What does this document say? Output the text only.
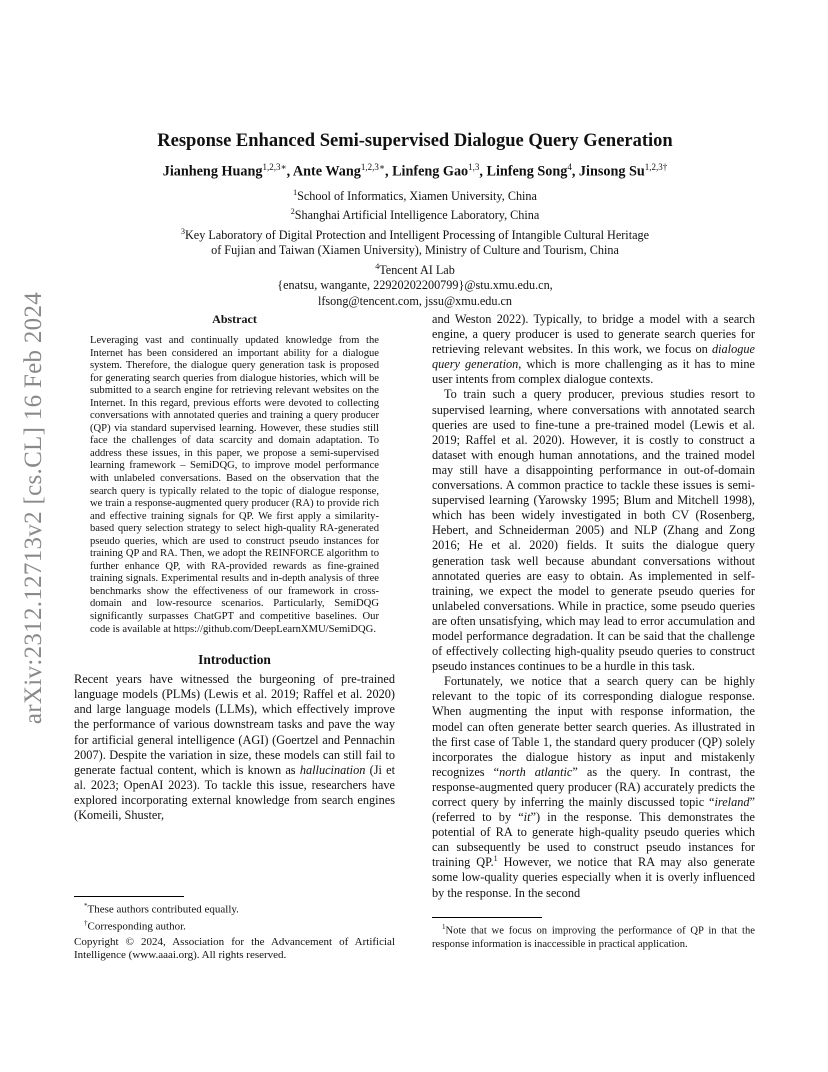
arXiv:2312.12713v2 [cs.CL] 16 Feb 2024
Response Enhanced Semi-supervised Dialogue Query Generation
Jianheng Huang$^{1,2,3∗}$, Ante Wang$^{1,2,3∗}$, Linfeng Gao$^{1,3}$, Linfeng Song$^4$, Jinsong $Su^{1,2,3\dagger}$
$^1$School of Informatics, Xiamen University, China
$^2$Shanghai Artificial Intelligence Laboratory, China
$^3$Key Laboratory of Digital Protection and Intelligent Processing of Intangible Cultural Heritage
of Fujian and Taiwan (Xiamen University), Ministry of Culture and Tourism, China
$^4$Tencent AI Lab
{enatsu, wangante, 22920202200799}@stu.xmu.edu.cn,
lfsong@tencent.com, jssu@xmu.edu.cn
Abstract

Leveraging vast and continually updated knowledge from the Internet has been considered an important ability for a dialogue system. Therefore, the dialogue query generation task is proposed for generating search queries from dialogue histories, which will be submitted to a search engine for retrieving relevant websites on the Internet. In this regard, previous efforts were devoted to collecting conversations with annotated queries and training a query producer (QP) via standard supervised learning. However, these studies still face the challenges of data scarcity and domain adaptation. To address these issues, in this paper, we propose a semi-supervised learning framework – SemiDQG, to improve model performance with unlabeled conversations. Based on the observation that the search query is typically related to the topic of dialogue response, we train a response-augmented query producer (RA) to provide rich and effective training signals for QP. We first apply a similarity-based query selection strategy to select high-quality RA-generated pseudo queries, which are used to construct pseudo instances for training QP and RA. Then, we adopt the REINFORCE algorithm to further enhance QP, with RA-provided rewards as fine-grained training signals. Experimental results and in-depth analysis of three benchmarks show the effectiveness of our framework in cross-domain and low-resource scenarios. Particularly, SemiDQG significantly surpasses ChatGPT and competitive baselines. Our code is available at https://github.com/DeepLearnXMU/SemiDQG.

Introduction

Recent years have witnessed the burgeoning of pre-trained language models (PLMs) (Lewis et al. 2019; Raffel et al. 2020) and large language models (LLMs), which effectively improve the performance of various downstream tasks and pave the way for artificial general intelligence (AGI) (Goertzel and Pennachin 2007). Despite the variation in size, these models can still fail to generate factual content, which is known as hallucination (Ji et al. 2023; OpenAI 2023). To tackle this issue, researchers have explored incorporating external knowledge from search engines (Komeili, Shuster,

*These authors contributed equally.

†Corresponding author.

Copyright © 2024, Association for the Advancement of Artificial Intelligence (www.aaai.org). All rights reserved.

and Weston 2022). Typically, to bridge a model with a search engine, a query producer is used to generate search queries for retrieving relevant websites. In this work, we focus on dialogue query generation, which is more challenging as it has to mine user intents from complex dialogue contexts.

To train such a query producer, previous studies resort to supervised learning, where conversations with annotated search queries are used to fine-tune a pre-trained model (Lewis et al. 2019; Raffel et al. 2020). However, it is costly to construct a dataset with enough human annotations, and the trained model may still have a disappointing performance in out-of-domain conversations. A common practice to tackle these issues is semi-supervised learning (Yarowsky 1995; Blum and Mitchell 1998), which has been widely investigated in both CV (Rosenberg, Hebert, and Schneiderman 2005) and NLP (Zhang and Zong 2016; He et al. 2020) fields. It suits the dialogue query generation task well because abundant conversations without annotated queries are easy to obtain. As implemented in self-training, we expect the model to generate pseudo queries for unlabeled conversations. While in practice, some pseudo queries are often unsatisfying, which may lead to error accumulation and model performance degradation. It can be said that the challenge of effectively collecting high-quality pseudo queries to construct pseudo instances continues to be a hurdle in this task.

Fortunately, we notice that a search query can be highly relevant to the topic of its corresponding dialogue response. When augmenting the input with response information, the model can often generate better search queries. As illustrated in the first case of Table 1, the standard query producer (QP) solely incorporates the dialogue history as input and mistakenly recognizes “north atlantic” as the query. In contrast, the response-augmented query producer (RA) accurately predicts the correct query by inferring the mainly discussed topic “ireland” (referred to by “it”) in the response. This demonstrates the potential of RA to generate high-quality pseudo queries which can subsequently be used to construct pseudo instances for training QP.$^1$ However, we notice that RA may also generate some low-quality queries especially when it is overly influenced by the response. In the second

$^1$Note that we focus on improving the performance of QP in that the response information is inaccessible in practical application.
